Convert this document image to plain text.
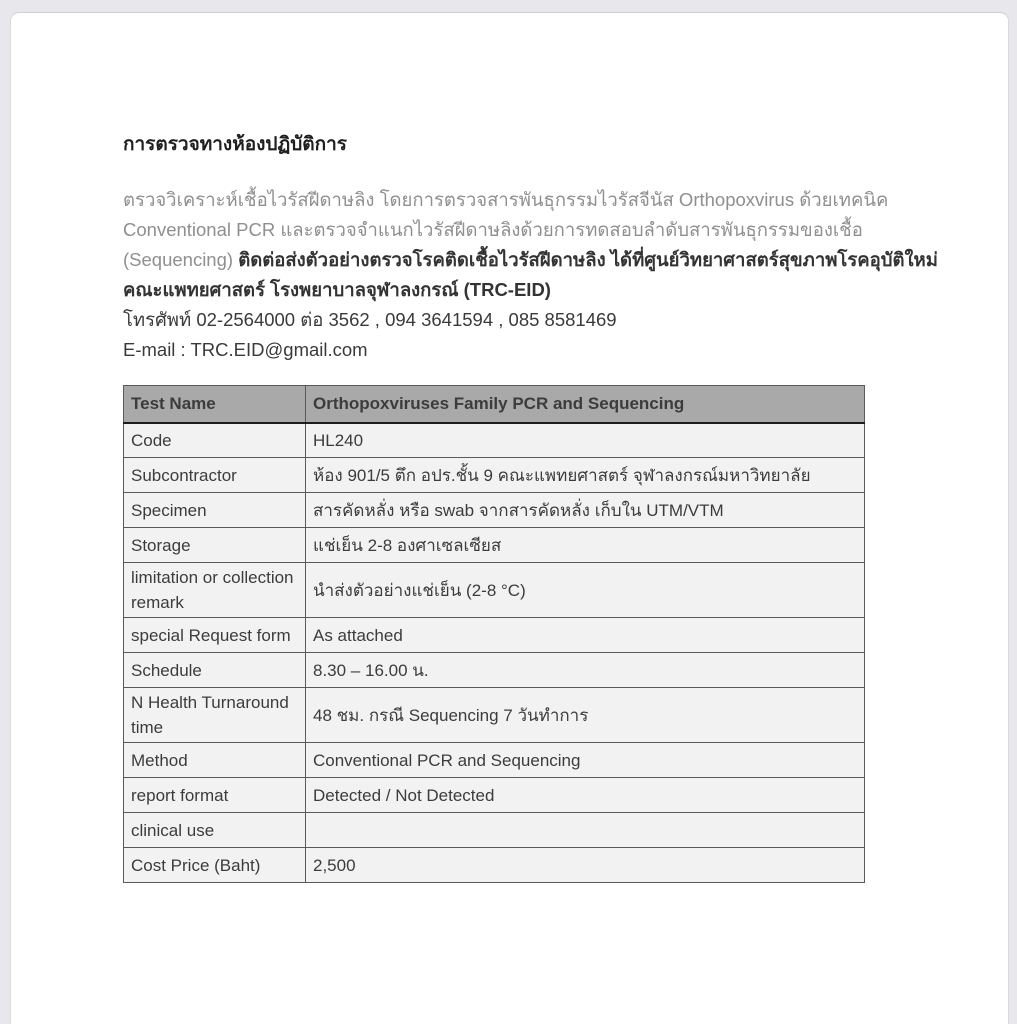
การตรวจทางห้องปฏิบัติการ
ตรวจวิเคราะห์เชื้อไวรัสฝีดาษลิง โดยการตรวจสารพันธุกรรมไวรัสจีนัส Orthopoxvirus ด้วยเทคนิค
Conventional PCR และตรวจจำแนกไวรัสฝีดาษลิงด้วยการทดสอบลำดับสารพันธุกรรมของเชื้อ
(Sequencing) ติดต่อส่งตัวอย่างตรวจโรคติดเชื้อไวรัสฝีดาษลิง ได้ที่ศูนย์วิทยาศาสตร์สุขภาพโรคอุบัติใหม่
คณะแพทยศาสตร์ โรงพยาบาลจุฬาลงกรณ์ (TRC-EID)
โทรศัพท์ 02-2564000 ต่อ 3562 , 094 3641594 , 085 8581469
E-mail : TRC.EID@gmail.com
Test Name	Orthopoxviruses Family PCR and Sequencing
Code	HL240
Subcontractor	ห้อง 901/5 ตึก อปร.ชั้น 9 คณะแพทยศาสตร์ จุฬาลงกรณ์มหาวิทยาลัย
Specimen	สารคัดหลั่ง หรือ swab จากสารคัดหลั่ง เก็บใน UTM/VTM
Storage	แช่เย็น 2-8 องศาเซลเซียส
limitation or collection remark	นำส่งตัวอย่างแช่เย็น (2-8 °C)
special Request form	As attached
Schedule	8.30 – 16.00 น.
N Health Turnaround time	48 ชม. กรณี Sequencing 7 วันทำการ
Method	Conventional PCR and Sequencing
report format	Detected / Not Detected
clinical use	
Cost Price (Baht)	2,500
